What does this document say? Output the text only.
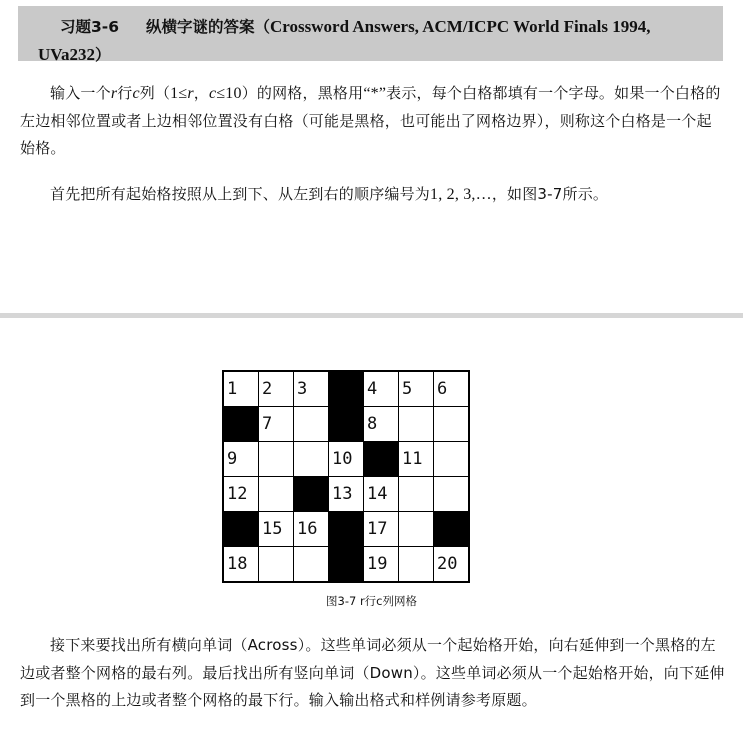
习题3-6 纵横字谜的答案（Crossword Answers, ACM/ICPC World Finals 1994,
UVa232）
输入一个r行c列（1≤r，c≤10）的网格，黑格用“*”表示，每个白格都填有一个字母。如果一个白格的左边相邻位置或者上边相邻位置没有白格（可能是黑格，也可能出了网格边界），则称这个白格是一个起始格。
首先把所有起始格按照从上到下、从左到右的顺序编号为1, 2, 3,…，如图3-7所示。
1	2	3		4	5	6

	7			8		

9			10		11	

12			13	14		

	15	16		17		

18				19		20
图3-7 r行c列网格
接下来要找出所有横向单词（Across）。这些单词必须从一个起始格开始，向右延伸到一个黑格的左边或者整个网格的最右列。最后找出所有竖向单词（Down）。这些单词必须从一个起始格开始，向下延伸到一个黑格的上边或者整个网格的最下行。输入输出格式和样例请参考原题。
